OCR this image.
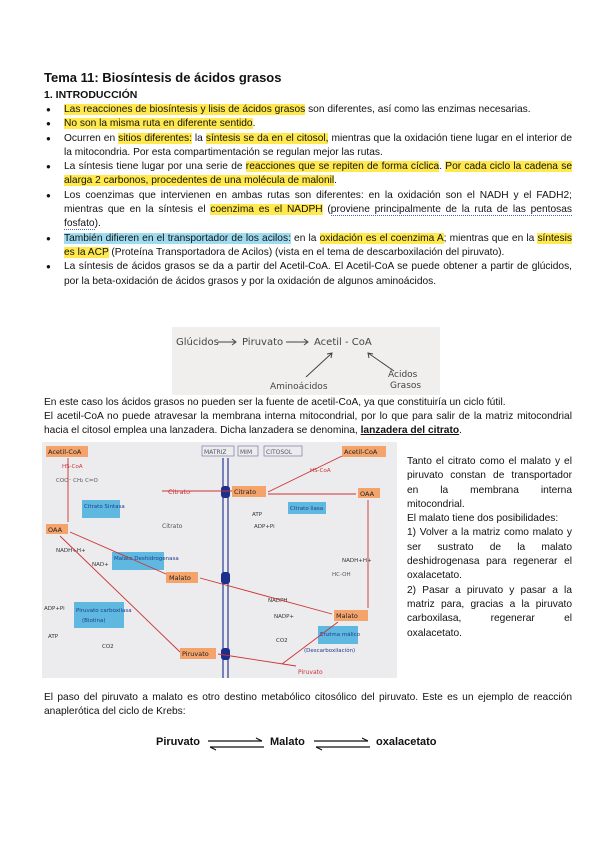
Tema 11: Biosíntesis de ácidos grasos
1. INTRODUCCIÓN
● Las reacciones de biosíntesis y lisis de ácidos grasos son diferentes, así como las enzimas necesarias.
● No son la misma ruta en diferente sentido.
● Ocurren en sitios diferentes: la síntesis se da en el citosol, mientras que la oxidación tiene lugar en el interior de la mitocondria. Por esta compartimentación se regulan mejor las rutas.
● La síntesis tiene lugar por una serie de reacciones que se repiten de forma cíclica. Por cada ciclo la cadena se alarga 2 carbonos, procedentes de una molécula de malonil.
● Los coenzimas que intervienen en ambas rutas son diferentes: en la oxidación son el NADH y el FADH2; mientras que en la síntesis el coenzima es el NADPH (proviene principalmente de la ruta de las pentosas fosfato).
● También difieren en el transportador de los acilos: en la oxidación es el coenzima A; mientras que en la síntesis es la ACP (Proteína Transportadora de Acilos) (vista en el tema de descarboxilación del piruvato).
● La síntesis de ácidos grasos se da a partir del Acetil-CoA. El Acetil-CoA se puede obtener a partir de glúcidos, por la beta-oxidación de ácidos grasos y por la oxidación de algunos aminoácidos.
Glúcidos Piruvato	Acetil - CoA
Ácidos
Grasos
Aminoácidos

En este caso los ácidos grasos no pueden ser la fuente de acetil-CoA, ya que constituiría un ciclo fútil.

El acetil-CoA no puede atravesar la membrana interna mitocondrial, por lo que para salir de la matriz mitocondrial hacia el citosol emplea una lanzadera. Dicha lanzadera se denomina, lanzadera del citrato.

MATRIZ MIM CITOSOL
Acetil-CoA
HS-CoA
COO⁻ CH₂ C=O
Citrato
Citrato Sintasa
OAA	Citrato
NADH+H+
NAD+
Malato Deshidrogenasa
Malato
ADP+Pi Piruvato carboxilasa
(Biotina)
ATP
CO2
Piruvato
Acetil-CoA
HS-CoA
Citrato	OAA
Citrato liasa
ATP
ADP+Pi
NADH+H+
HC-OH
NADPH
NADP+	Malato
Enzima málico
(Descarboxilación)
CO2
Piruvato

Tanto el citrato como el malato y el piruvato constan de transportador en la membrana interna mitocondrial.

El malato tiene dos posibilidades:

1) Volver a la matriz como malato y ser sustrato de la malato deshidrogenasa para regenerar el oxalacetato.

2) Pasar a piruvato y pasar a la matriz para, gracias a la piruvato carboxilasa, regenerar el oxalacetato.

El paso del piruvato a malato es otro destino metabólico citosólico del piruvato. Este es un ejemplo de reacción anaplerótica del ciclo de Krebs:

Piruvato ⇌ Malato ⇌ oxalacetato
